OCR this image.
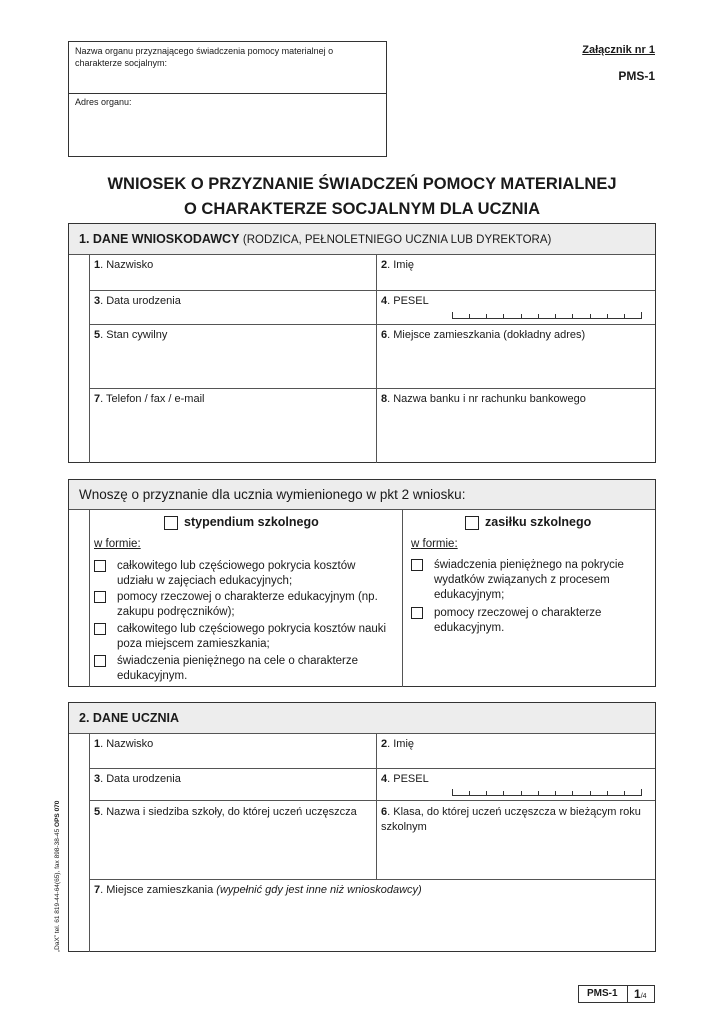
Nazwa organu przyznającego świadczenia pomocy materialnej o charakterze socjalnym:
Adres organu:
Załącznik nr 1
PMS-1
WNIOSEK O PRZYZNANIE ŚWIADCZEŃ POMOCY MATERIALNEJ
O CHARAKTERZE SOCJALNYM DLA UCZNIA
1. DANE WNIOSKODAWCY (RODZICA, PEŁNOLETNIEGO UCZNIA LUB DYREKTORA)
1. Nazwisko	2. Imię
3. Data urodzenia	4. PESEL
5. Stan cywilny	6. Miejsce zamieszkania (dokładny adres)
7. Telefon / fax / e-mail	8. Nazwa banku i nr rachunku bankowego
Wnoszę o przyznanie dla ucznia wymienionego w pkt 2 wniosku:
stypendium szkolnego
w formie:
całkowitego lub częściowego pokrycia kosztów udziału w zajęciach edukacyjnych;
pomocy rzeczowej o charakterze edukacyjnym (np. zakupu podręczników);
całkowitego lub częściowego pokrycia kosztów nauki poza miejscem zamieszkania;
świadczenia pieniężnego na cele o charakterze edukacyjnym.
zasiłku szkolnego
w formie:
świadczenia pieniężnego na pokrycie wydatków związanych z procesem edukacyjnym;
pomocy rzeczowej o charakterze edukacyjnym.
2. DANE UCZNIA
1. Nazwisko	2. Imię
3. Data urodzenia	4. PESEL
5. Nazwa i siedziba szkoły, do której uczeń uczęszcza	6. Klasa, do której uczeń uczęszcza w bieżącym roku szkolnym
7. Miejsce zamieszkania (wypełnić gdy jest inne niż wnioskodawcy)
„DaX” tel. 61 819-44-64(65), fax 898-38-45 OPS 070
PMS-1 1/4
